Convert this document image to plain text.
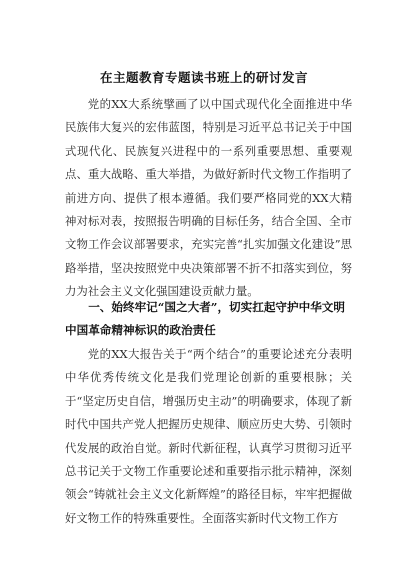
在主题教育专题读书班上的研讨发言

党的XX大系统擘画了以中国式现代化全面推进中华民族伟大复兴的宏伟蓝图，特别是习近平总书记关于中国式现代化、民族复兴进程中的一系列重要思想、重要观点、重大战略、重大举措，为做好新时代文物工作指明了前进方向、提供了根本遵循。我们要严格同党的XX大精神对标对表，按照报告明确的目标任务，结合全国、全市文物工作会议部署要求，充实完善“扎实加强文化建设”思路举措，坚决按照党中央决策部署不折不扣落实到位，努力为社会主义文化强国建设贡献力量。

一、始终牢记“国之大者”，切实扛起守护中华文明中国革命精神标识的政治责任

党的XX大报告关于“两个结合”的重要论述充分表明中华优秀传统文化是我们党理论创新的重要根脉；关于“坚定历史自信，增强历史主动”的明确要求，体现了新时代中国共产党人把握历史规律、顺应历史大势、引领时代发展的政治自觉。新时代新征程，认真学习贯彻习近平总书记关于文物工作重要论述和重要指示批示精神，深刻领会“铸就社会主义文化新辉煌”的路径目标，牢牢把握做好文物工作的特殊重要性。全面落实新时代文物工作方
